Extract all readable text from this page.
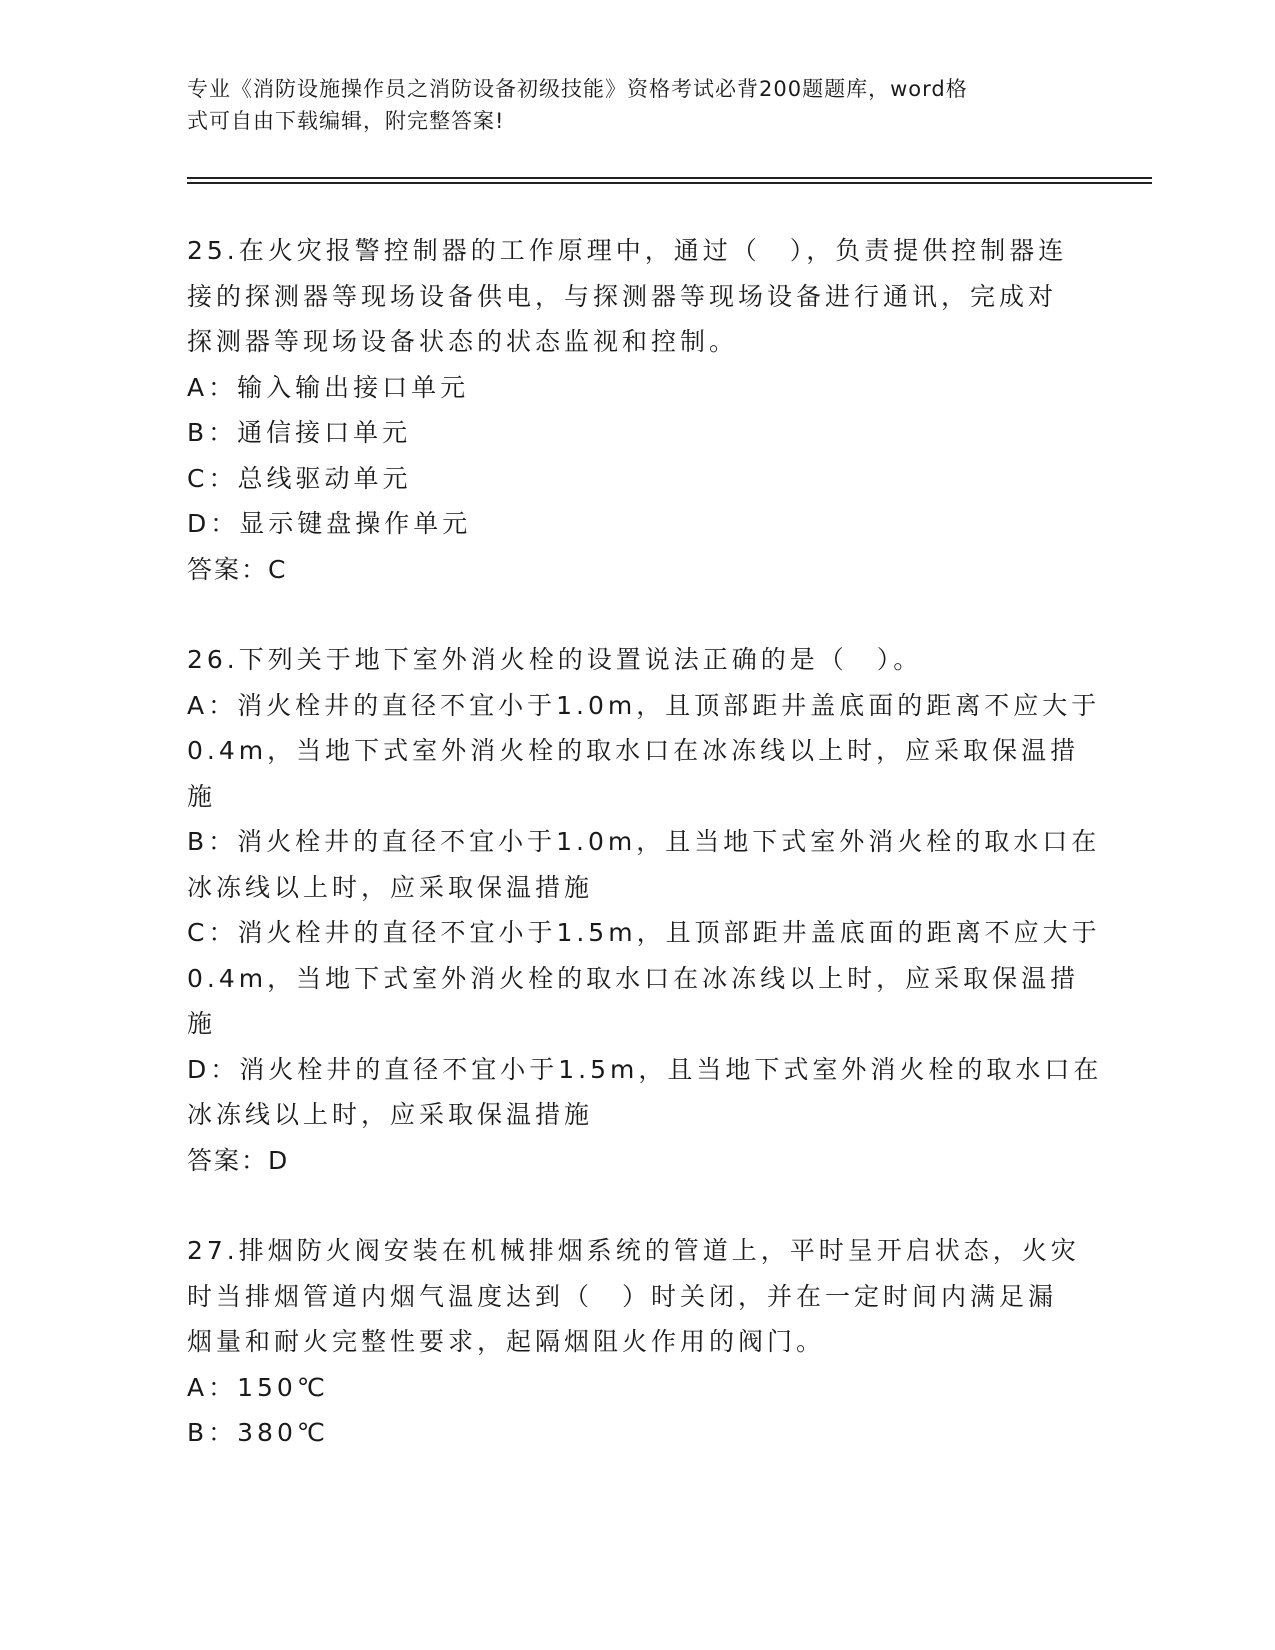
专业《消防设施操作员之消防设备初级技能》资格考试必背200题题库，word格
式可自由下载编辑，附完整答案!
25.在火灾报警控制器的工作原理中，通过（　），负责提供控制器连
接的探测器等现场设备供电，与探测器等现场设备进行通讯，完成对
探测器等现场设备状态的状态监视和控制。
A：输入输出接口单元
B：通信接口单元
C：总线驱动单元
D：显示键盘操作单元
答案：C
26.下列关于地下室外消火栓的设置说法正确的是（　）。
A：消火栓井的直径不宜小于1.0m，且顶部距井盖底面的距离不应大于
0.4m，当地下式室外消火栓的取水口在冰冻线以上时，应采取保温措
施
B：消火栓井的直径不宜小于1.0m，且当地下式室外消火栓的取水口在
冰冻线以上时，应采取保温措施
C：消火栓井的直径不宜小于1.5m，且顶部距井盖底面的距离不应大于
0.4m，当地下式室外消火栓的取水口在冰冻线以上时，应采取保温措
施
D：消火栓井的直径不宜小于1.5m，且当地下式室外消火栓的取水口在
冰冻线以上时，应采取保温措施
答案：D
27.排烟防火阀安装在机械排烟系统的管道上，平时呈开启状态，火灾
时当排烟管道内烟气温度达到（　）时关闭，并在一定时间内满足漏
烟量和耐火完整性要求，起隔烟阻火作用的阀门。
A：150℃
B：380℃
